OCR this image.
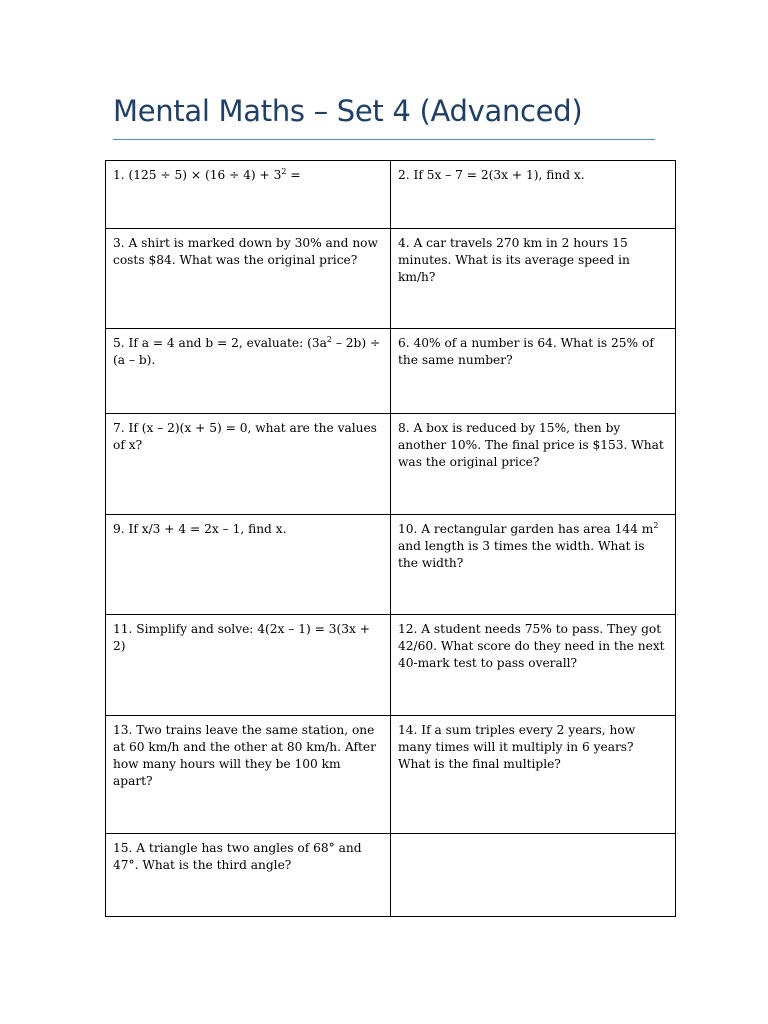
Mental Maths – Set 4 (Advanced)
1. $(125 \div 5) \times (16 \div 4) + 3^2$ =	2. If 5x – 7 = 2(3x + 1), find x.
3. A shirt is marked down by 30% and now costs $84. What was the original price?	4. A car travels 270 km in 2 hours 15 minutes. What is its average speed in km/h?
5. If a = 4 and b = 2, evaluate: $(3a^2 - 2b) \div (a - b)$.	6. 40% of a number is 64. What is 25% of the same number?
7. If (x – 2)(x + 5) = 0, what are the values of x?	8. A box is reduced by 15%, then by another 10%. The final price is $153. What was the original price?
9. If x/3 + 4 = 2x – 1, find x.	10. A rectangular garden has area 144 $m^2$ and length is 3 times the width. What is the width?
11. Simplify and solve: 4(2x – 1) = 3(3x + 2)	12. A student needs 75% to pass. They got 42/60. What score do they need in the next 40-mark test to pass overall?
13. Two trains leave the same station, one at 60 km/h and the other at 80 km/h. After how many hours will they be 100 km apart?	14. If a sum triples every 2 years, how many times will it multiply in 6 years? What is the final multiple?
15. A triangle has two angles of 68° and 47°. What is the third angle?	
